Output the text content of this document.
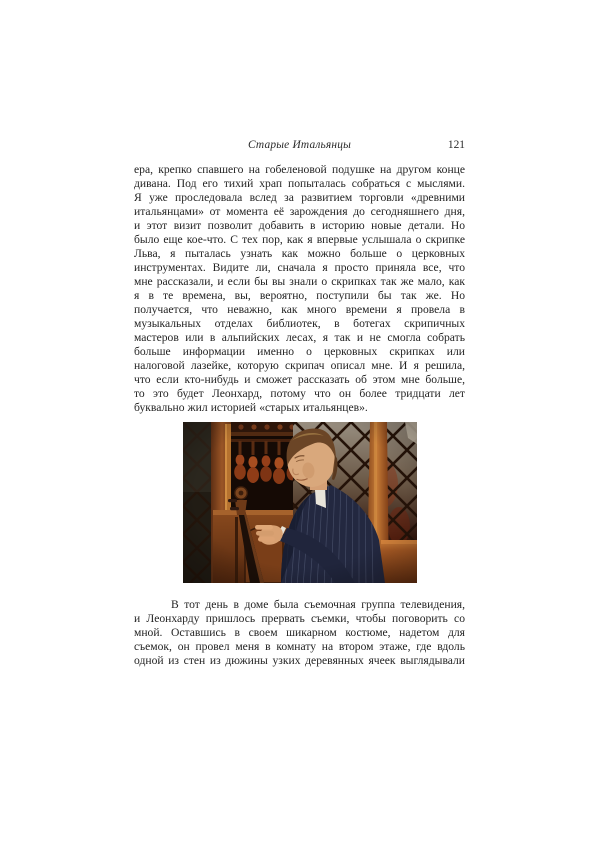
Старые Итальянцы	121
ера, крепко спавшего на гобеленовой подушке на другом конце
дивана. Под его тихий храп попыталась собраться с мыслями.
Я уже проследовала вслед за развитием торговли «древними
итальянцами» от момента её зарождения до сегодняшнего дня,
и этот визит позволит добавить в историю новые детали. Но
было еще кое-что. С тех пор, как я впервые услышала о скрипке
Льва, я пыталась узнать как можно больше о церковных
инструментах. Видите ли, сначала я просто приняла все, что
мне рассказали, и если бы вы знали о скрипках так же мало, как
я в те времена, вы, вероятно, поступили бы так же. Но
получается, что неважно, как много времени я провела в
музыкальных отделах библиотек, в ботегах скрипичных
мастеров или в альпийских лесах, я так и не смогла собрать
больше информации именно о церковных скрипках или
налоговой лазейке, которую скрипач описал мне. И я решила,
что если кто-нибудь и сможет рассказать об этом мне больше,
то это будет Леонхард, потому что он более тридцати лет
буквально жил историей «старых итальянцев».
В тот день в доме была съемочная группа телевидения,
и Леонхарду пришлось прервать съемки, чтобы поговорить со
мной. Оставшись в своем шикарном костюме, надетом для
съемок, он провел меня в комнату на втором этаже, где вдоль
одной из стен из дюжины узких деревянных ячеек выглядывали
